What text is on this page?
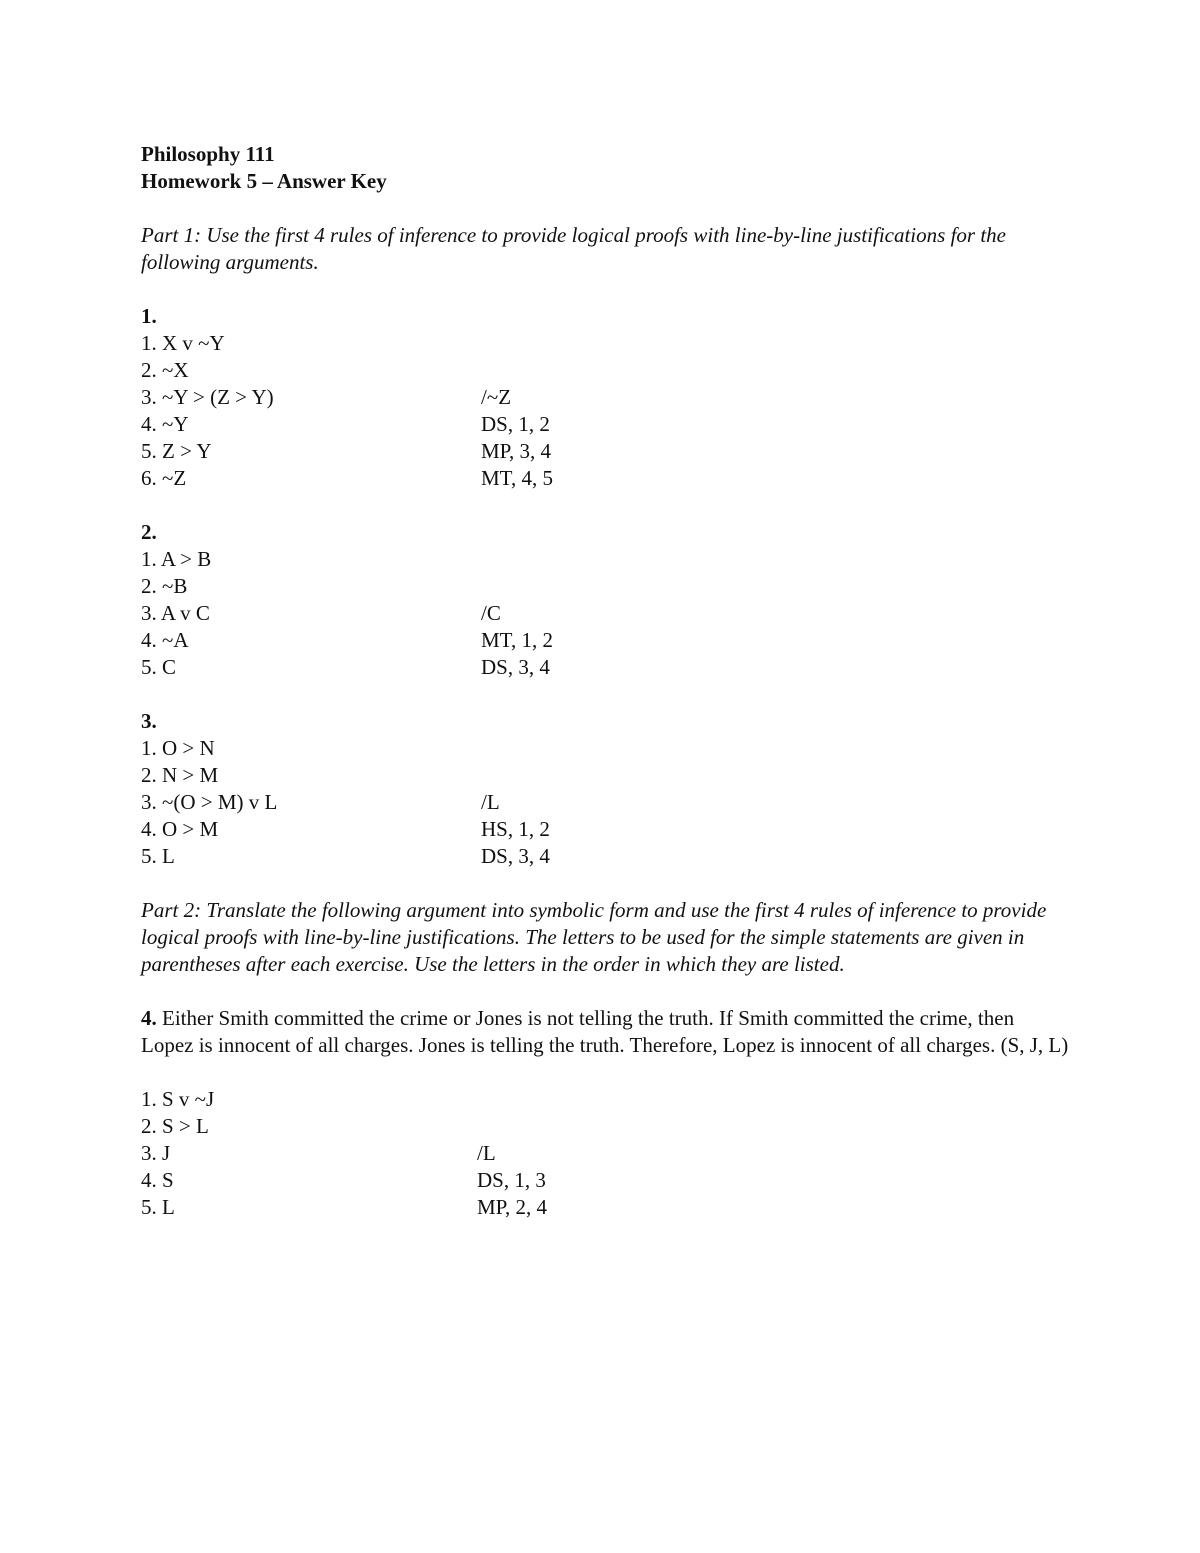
Philosophy 111

Homework 5 – Answer Key

Part 1: Use the first 4 rules of inference to provide logical proofs with line-by-line justifications for the following arguments.

1.

1. X v ~Y
2. ~X
3. ~Y > (Z > Y)	/~Z
4. ~Y	DS, 1, 2
5. Z > Y	MP, 3, 4
6. ~Z	MT, 4, 5

2.

1. A > B
2. ~B
3. A v C	/C
4. ~A	MT, 1, 2
5. C	DS, 3, 4

3.

1. O > N
2. N > M
3. ~(O > M) v L	/L
4. O > M	HS, 1, 2
5. L	DS, 3, 4

Part 2: Translate the following argument into symbolic form and use the first 4 rules of inference to provide logical proofs with line-by-line justifications. The letters to be used for the simple statements are given in parentheses after each exercise. Use the letters in the order in which they are listed.

4. Either Smith committed the crime or Jones is not telling the truth. If Smith committed the crime, then Lopez is innocent of all charges. Jones is telling the truth. Therefore, Lopez is innocent of all charges. (S, J, L)

1. S v ~J
2. S > L
3. J	/L
4. S	DS, 1, 3
5. L	MP, 2, 4
